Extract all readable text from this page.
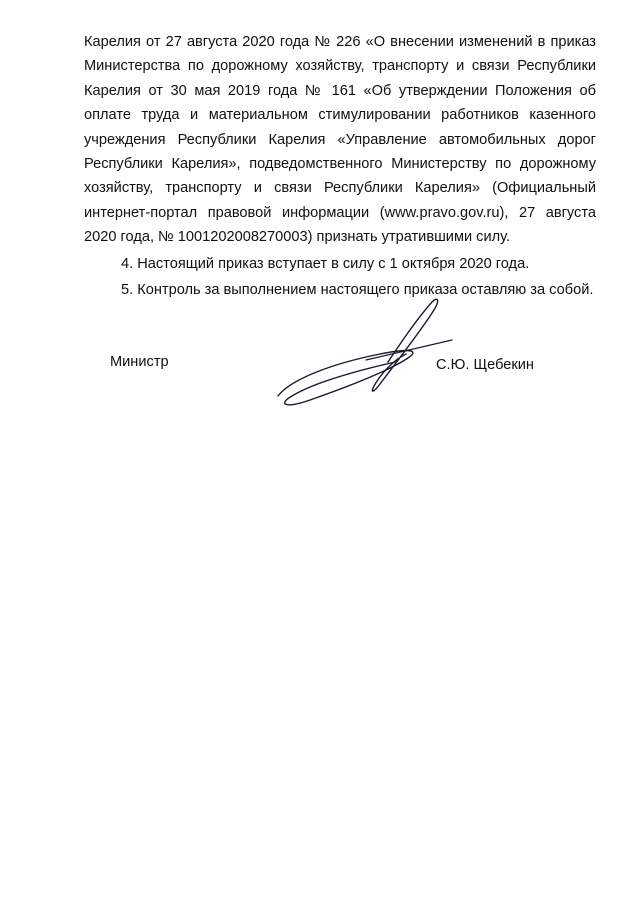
Карелия от 27 августа 2020 года № 226 «О внесении изменений в приказ Министерства по дорожному хозяйству, транспорту и связи Республики Карелия от 30 мая 2019 года № 161 «Об утверждении Положения об оплате труда и материальном стимулировании работников казенного учреждения Республики Карелия «Управление автомобильных дорог Республики Карелия», подведомственного Министерству по дорожному хозяйству, транспорту и связи Республики Карелия» (Официальный интернет-портал правовой информации (www.pravo.gov.ru), 27 августа 2020 года, № 1001202008270003) признать утратившими силу.

4. Настоящий приказ вступает в силу с 1 октября 2020 года.

5. Контроль за выполнением настоящего приказа оставляю за собой.

Министр	С.Ю. Щебекин
